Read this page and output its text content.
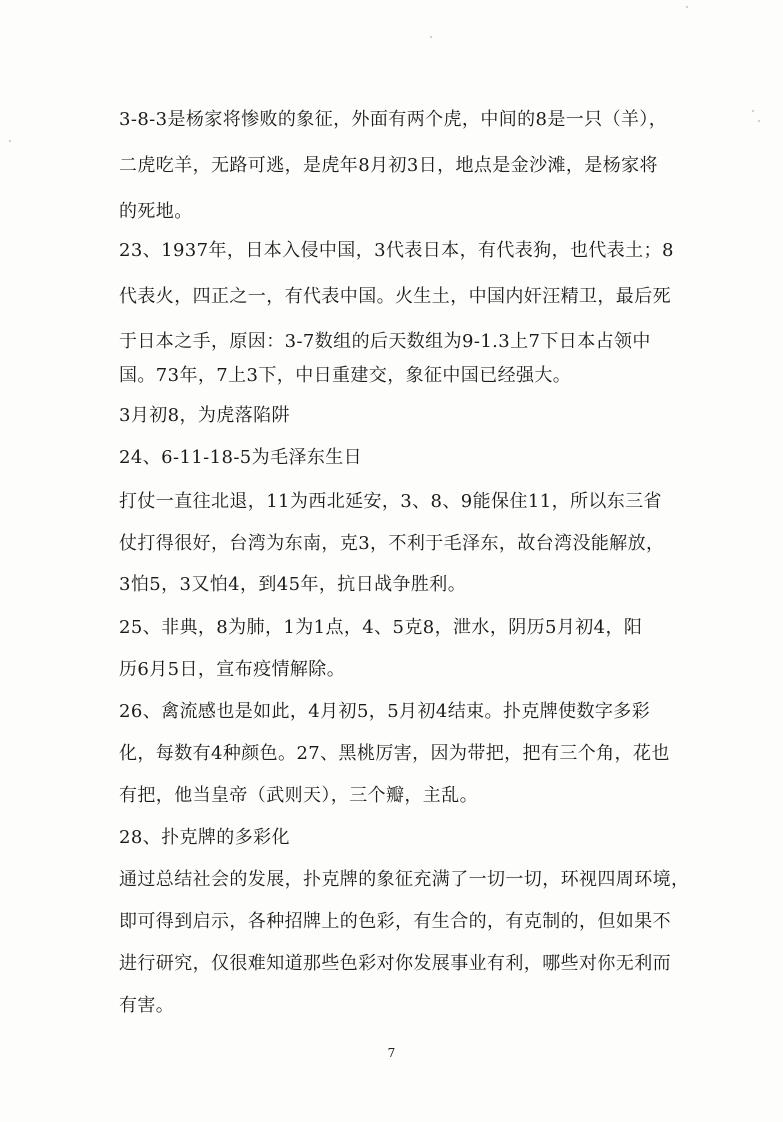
3-8-3是杨家将惨败的象征，外面有两个虎，中间的8是一只（羊），
二虎吃羊，无路可逃，是虎年8月初3日，地点是金沙滩，是杨家将
的死地。
23、1937年，日本入侵中国，3代表日本，有代表狗，也代表土；8
代表火，四正之一，有代表中国。火生土，中国内奸汪精卫，最后死
于日本之手，原因：3-7数组的后天数组为9-1.3上7下日本占领中
国。73年，7上3下，中日重建交，象征中国已经强大。
3月初8，为虎落陷阱
24、6-11-18-5为毛泽东生日
打仗一直往北退，11为西北延安，3、8、9能保住11，所以东三省
仗打得很好，台湾为东南，克3，不利于毛泽东，故台湾没能解放，
3怕5，3又怕4，到45年，抗日战争胜利。
25、非典，8为肺，1为1点，4、5克8，泄水，阴历5月初4，阳
历6月5日，宣布疫情解除。
26、禽流感也是如此，4月初5，5月初4结束。扑克牌使数字多彩
化，每数有4种颜色。27、黑桃厉害，因为带把，把有三个角，花也
有把，他当皇帝（武则天），三个瓣，主乱。
28、扑克牌的多彩化
通过总结社会的发展，扑克牌的象征充满了一切一切，环视四周环境，
即可得到启示，各种招牌上的色彩，有生合的，有克制的，但如果不
进行研究，仅很难知道那些色彩对你发展事业有利，哪些对你无利而
有害。
7
